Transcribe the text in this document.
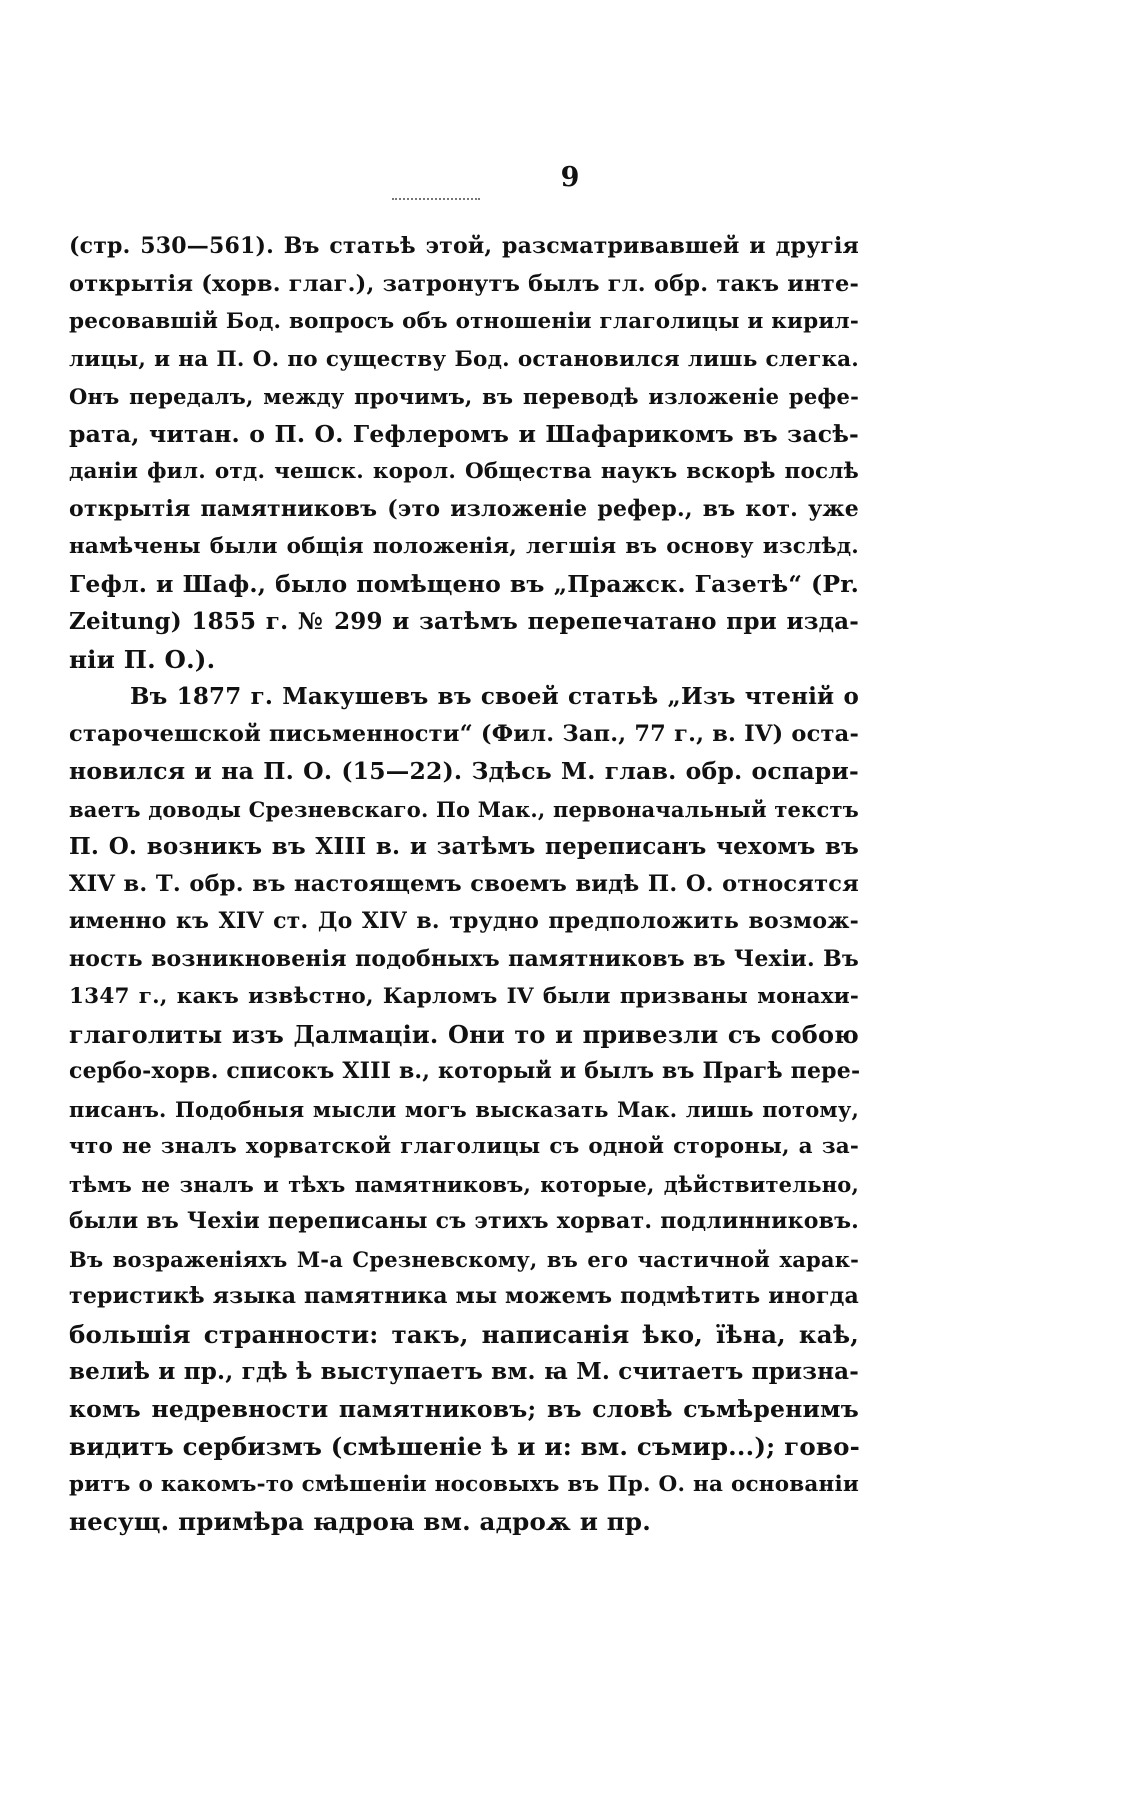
9
(стр. 530—561). Въ статьѣ этой, разсматривавшей и другія
открытія (хорв. глаг.), затронутъ былъ гл. обр. такъ инте-
ресовавшій Бод. вопросъ объ отношеніи глаголицы и кирил-
лицы, и на П. О. по существу Бод. остановился лишь слегка.
Онъ передалъ, между прочимъ, въ переводѣ изложеніе рефе-
рата, читан. о П. О. Гефлеромъ и Шафарикомъ въ засѣ-
даніи фил. отд. чешск. корол. Общества наукъ вскорѣ послѣ
открытія памятниковъ (это изложеніе рефер., въ кот. уже
намѣчены были общія положенія, легшія въ основу изслѣд.
Гефл. и Шаф., было помѣщено въ „Пражск. Газетѣ“ (Pr.
Zeitung) 1855 г. № 299 и затѣмъ перепечатано при изда-
ніи П. О.).
Въ 1877 г. Макушевъ въ своей статьѣ „Изъ чтеній о
старочешской письменности“ (Фил. Зап., 77 г., в. IV) оста-
новился и на П. О. (15—22). Здѣсь М. глав. обр. оспари-
ваетъ доводы Срезневскаго. По Мак., первоначальный текстъ
П. О. возникъ въ XIII в. и затѣмъ переписанъ чехомъ въ
XIV в. Т. обр. въ настоящемъ своемъ видѣ П. О. относятся
именно къ XIV ст. До XIV в. трудно предположить возмож-
ность возникновенія подобныхъ памятниковъ въ Чехіи. Въ
1347 г., какъ извѣстно, Карломъ IV были призваны монахи-
глаголиты изъ Далмаціи. Они то и привезли съ собою
сербо-хорв. списокъ XIII в., который и былъ въ Прагѣ пере-
писанъ. Подобныя мысли могъ высказать Мак. лишь потому,
что не зналъ хорватской глаголицы съ одной стороны, а за-
тѣмъ не зналъ и тѣхъ памятниковъ, которые, дѣйствительно,
были въ Чехіи переписаны съ этихъ хорват. подлинниковъ.
Въ возраженіяхъ М-а Срезневскому, въ его частичной харак-
теристикѣ языка памятника мы можемъ подмѣтить иногда
большія странности: такъ, написанія ѣко, їѣна, каѣ,
велиѣ и пр., гдѣ ѣ выступаетъ вм. ꙗ М. считаетъ призна-
комъ недревности памятниковъ; въ словѣ съмѣренимъ
видитъ сербизмъ (смѣшеніе ѣ и и: вм. съмир...); гово-
ритъ о какомъ-то смѣшеніи носовыхъ въ Пр. О. на основаніи
несущ. примѣра ꙗдроꙗ вм. адроѫ и пр.
